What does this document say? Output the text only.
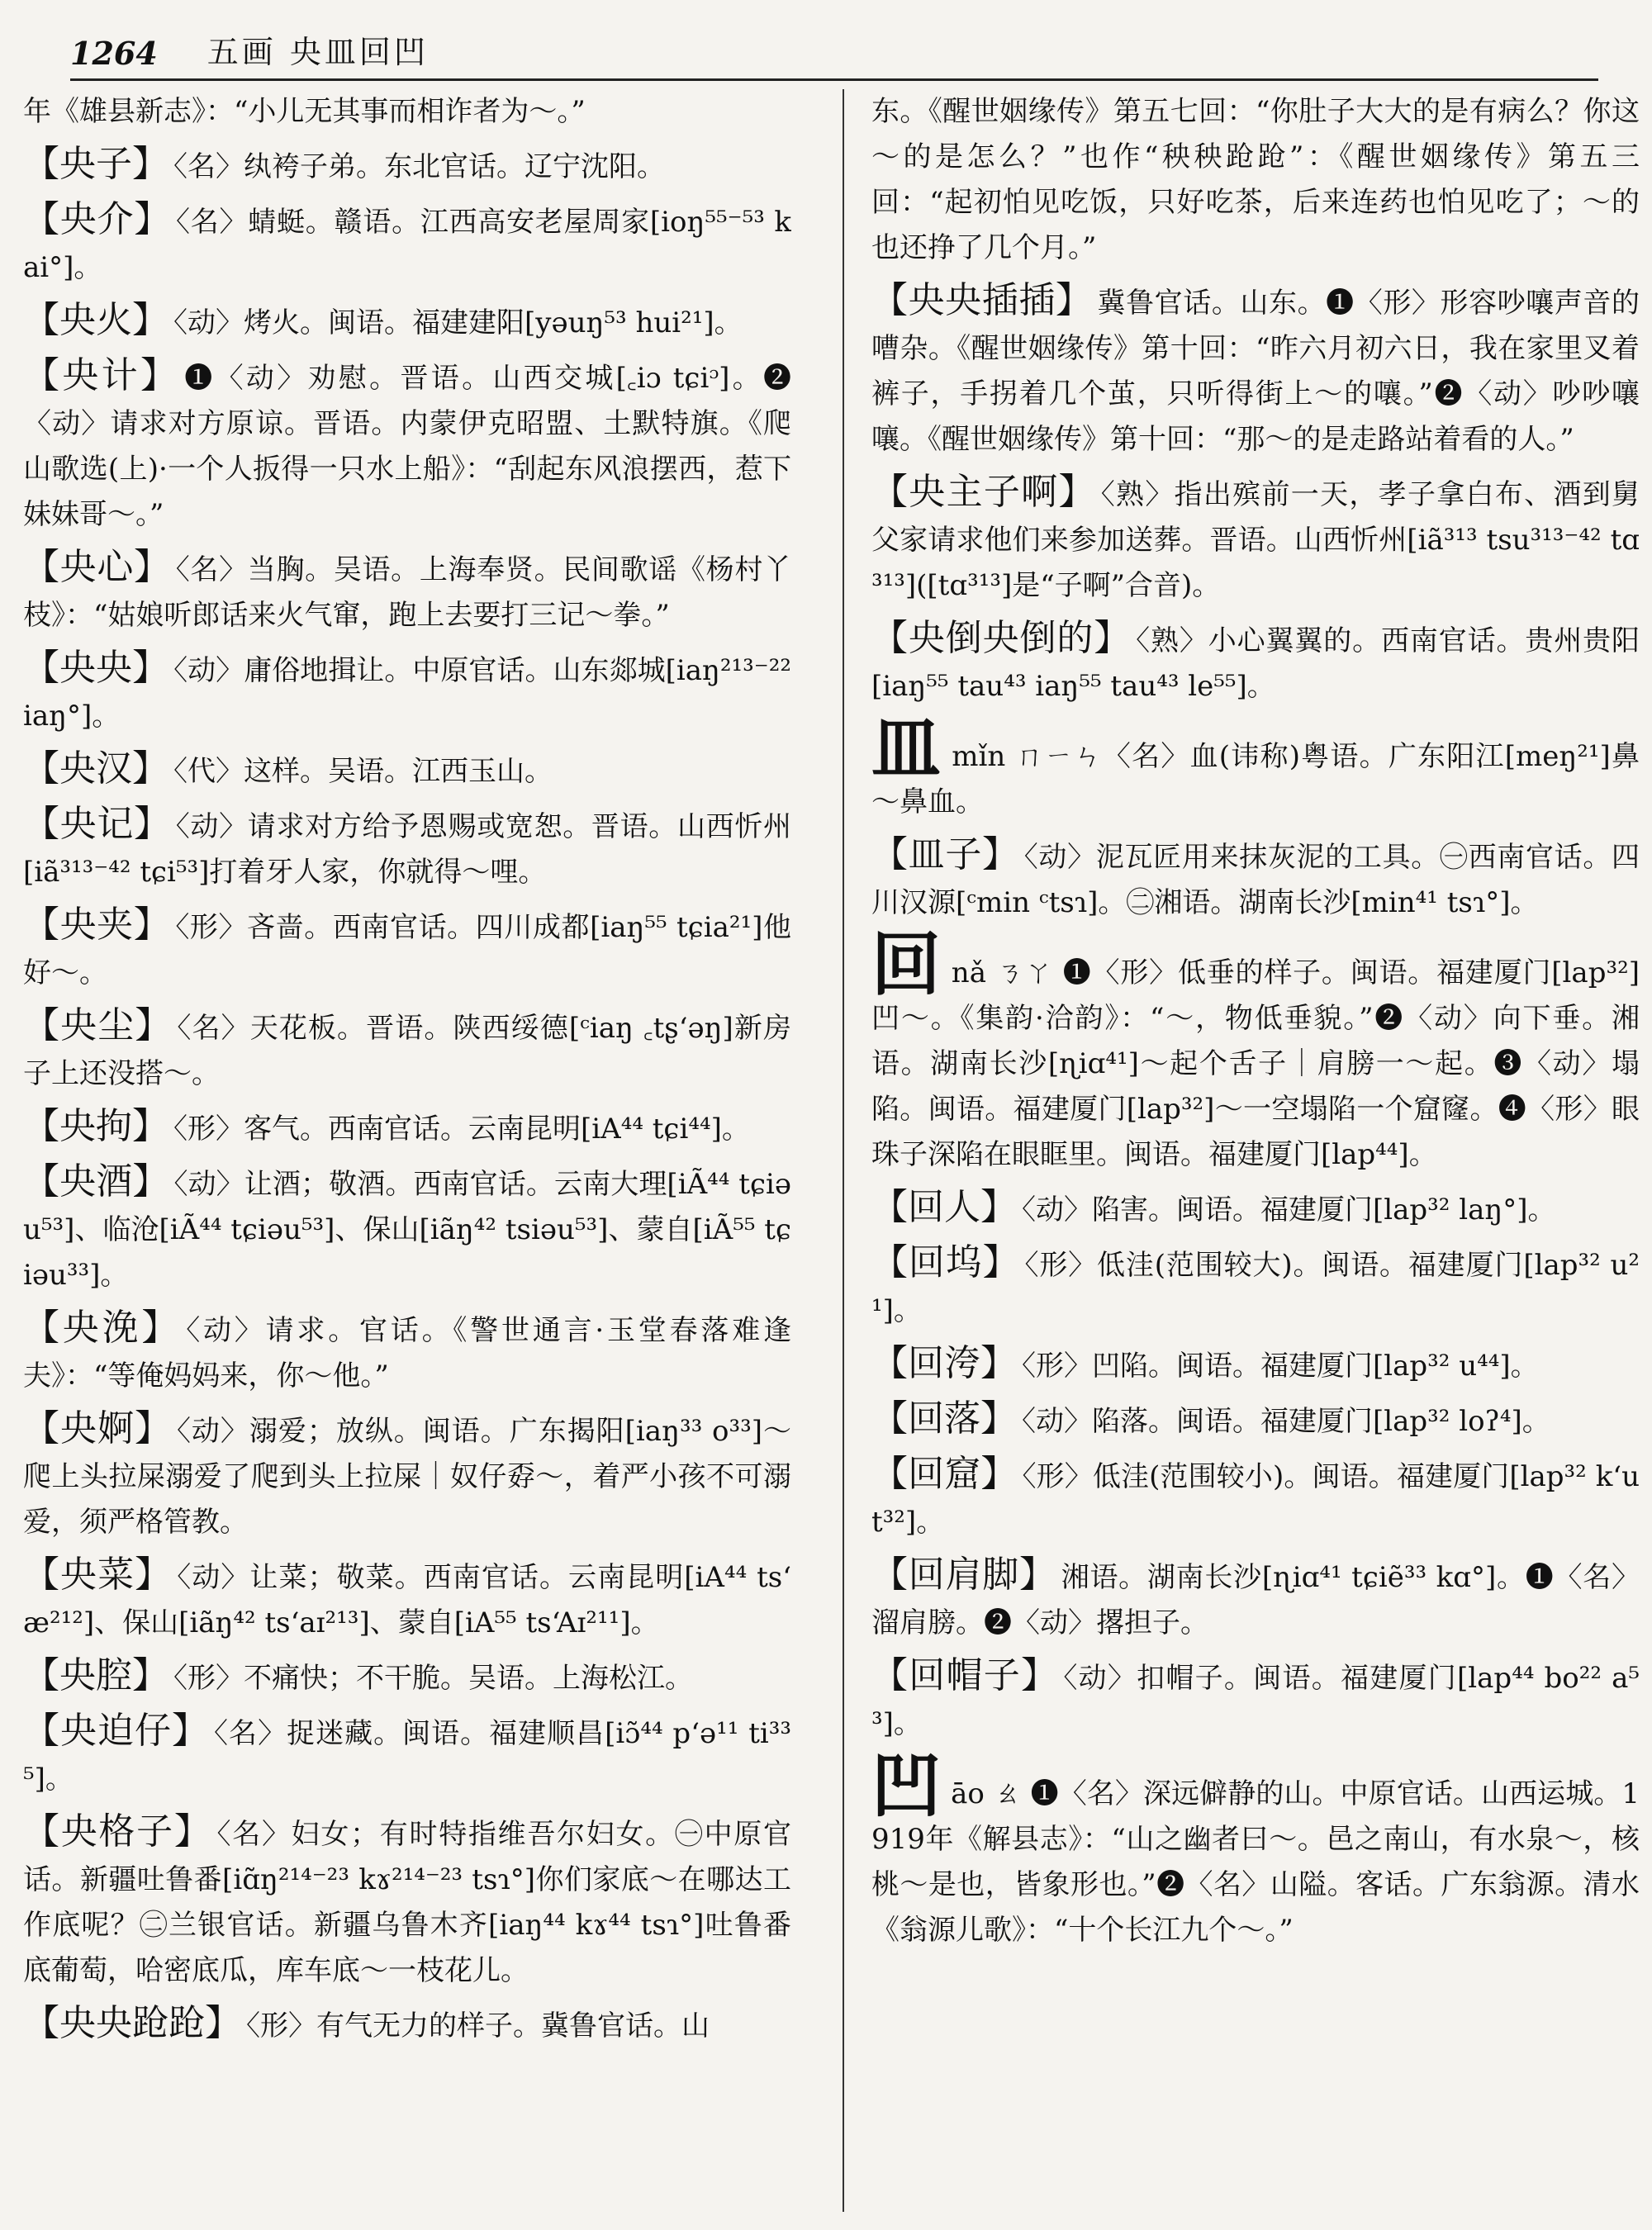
1264 五画 央皿回凹

年《雄县新志》：“小儿无其事而相诈者为～。”

【央子】 〈名〉纨袴子弟。东北官话。辽宁沈阳。

【央介】 〈名〉蜻蜓。赣语。江西高安老屋周家[ioŋ⁵⁵⁻⁵³ kai°]。

【央火】 〈动〉烤火。闽语。福建建阳[yəuŋ⁵³ hui²¹]。

【央计】 ❶〈动〉劝慰。晋语。山西交城[꜀iɔ tɕiᵓ]。❷〈动〉请求对方原谅。晋语。内蒙伊克昭盟、土默特旗。《爬山歌选(上)·一个人扳得一只水上船》：“刮起东风浪摆西，惹下妹妹哥～。”

【央心】 〈名〉当胸。吴语。上海奉贤。民间歌谣《杨村丫枝》：“姑娘听郎话来火气窜，跑上去要打三记～拳。”

【央央】 〈动〉庸俗地揖让。中原官话。山东郯城[iaŋ²¹³⁻²² iaŋ°]。

【央汉】 〈代〉这样。吴语。江西玉山。

【央记】 〈动〉请求对方给予恩赐或宽恕。晋语。山西忻州[iã³¹³⁻⁴² tɕi⁵³]打着牙人家，你就得～哩。

【央夹】 〈形〉吝啬。西南官话。四川成都[iaŋ⁵⁵ tɕia²¹]他好～。

【央尘】 〈名〉天花板。晋语。陕西绥德[ᶜiaŋ ꜀tʂʻəŋ]新房子上还没搭～。

【央拘】 〈形〉客气。西南官话。云南昆明[iA⁴⁴ tɕi⁴⁴]。

【央酒】 〈动〉让酒；敬酒。西南官话。云南大理[iÃ⁴⁴ tɕiəu⁵³]、临沧[iÃ⁴⁴ tɕiəu⁵³]、保山[iãŋ⁴² tsiəu⁵³]、蒙自[iÃ⁵⁵ tɕiəu³³]。

【央浼】 〈动〉请求。官话。《警世通言·玉堂春落难逢夫》：“等俺妈妈来，你～他。”

【央婀】 〈动〉溺爱；放纵。闽语。广东揭阳[iaŋ³³ o³³]～爬上头拉屎溺爱了爬到头上拉屎｜奴仔孬～，着严小孩不可溺爱，须严格管教。

【央菜】 〈动〉让菜；敬菜。西南官话。云南昆明[iA⁴⁴ tsʻæ²¹²]、保山[iãŋ⁴² tsʻaɪ²¹³]、蒙自[iA⁵⁵ tsʻAɪ²¹¹]。

【央腔】 〈形〉不痛快；不干脆。吴语。上海松江。

【央迫仔】 〈名〉捉迷藏。闽语。福建顺昌[iɔ̃⁴⁴ pʻə¹¹ ti³³⁵]。

【央格子】 〈名〉妇女；有时特指维吾尔妇女。㊀中原官话。新疆吐鲁番[iɑ̃ŋ²¹⁴⁻²³ kɤ²¹⁴⁻²³ tsɿ°]你们家底～在哪达工作底呢？㊁兰银官话。新疆乌鲁木齐[iaŋ⁴⁴ kɤ⁴⁴ tsɿ°]吐鲁番底葡萄，哈密底瓜，库车底～一枝花儿。

【央央跄跄】 〈形〉有气无力的样子。冀鲁官话。山

东。《醒世姻缘传》第五七回：“你肚子大大的是有病么？你这～的是怎么？”也作“秧秧跄跄”：《醒世姻缘传》第五三回：“起初怕见吃饭，只好吃茶，后来连药也怕见吃了；～的也还挣了几个月。”

【央央插插】 冀鲁官话。山东。❶〈形〉形容吵嚷声音的嘈杂。《醒世姻缘传》第十回：“昨六月初六日，我在家里叉着裤子，手拐着几个茧，只听得街上～的嚷。”❷〈动〉吵吵嚷嚷。《醒世姻缘传》第十回：“那～的是走路站着看的人。”

【央主子啊】 〈熟〉指出殡前一天，孝子拿白布、酒到舅父家请求他们来参加送葬。晋语。山西忻州[iã³¹³ tsu³¹³⁻⁴² tɑ³¹³]([tɑ³¹³]是“子啊”合音)。

【央倒央倒的】 〈熟〉小心翼翼的。西南官话。贵州贵阳[iaŋ⁵⁵ tau⁴³ iaŋ⁵⁵ tau⁴³ le⁵⁵]。

皿mǐn ㄇㄧㄣ〈名〉血(讳称)粤语。广东阳江[meŋ²¹]鼻～鼻血。

【皿子】 〈动〉泥瓦匠用来抹灰泥的工具。㊀西南官话。四川汉源[ᶜmin ᶜtsɿ]。㊁湘语。湖南长沙[min⁴¹ tsɿ°]。

回nǎ ㄋㄚ ❶〈形〉低垂的样子。闽语。福建厦门[lap³²]凹～。《集韵·洽韵》：“～，物低垂貌。”❷〈动〉向下垂。湘语。湖南长沙[ɳiɑ⁴¹]～起个舌子｜肩膀一～起。❸〈动〉塌陷。闽语。福建厦门[lap³²]～一空塌陷一个窟窿。❹〈形〉眼珠子深陷在眼眶里。闽语。福建厦门[lap⁴⁴]。

【回人】 〈动〉陷害。闽语。福建厦门[lap³² laŋ°]。

【回坞】 〈形〉低洼(范围较大)。闽语。福建厦门[lap³² u²¹]。

【回洿】 〈形〉凹陷。闽语。福建厦门[lap³² u⁴⁴]。

【回落】 〈动〉陷落。闽语。福建厦门[lap³² loʔ⁴]。

【回窟】 〈形〉低洼(范围较小)。闽语。福建厦门[lap³² kʻut³²]。

【回肩脚】 湘语。湖南长沙[ɳiɑ⁴¹ tɕiẽ³³ kɑ°]。❶〈名〉溜肩膀。❷〈动〉撂担子。

【回帽子】 〈动〉扣帽子。闽语。福建厦门[lap⁴⁴ bo²² a⁵³]。

凹āo ㄠ ❶〈名〉深远僻静的山。中原官话。山西运城。1919年《解县志》：“山之幽者曰～。邑之南山，有水泉～，核桃～是也，皆象形也。”❷〈名〉山隘。客话。广东翁源。清水《翁源儿歌》：“十个长江九个～。”
